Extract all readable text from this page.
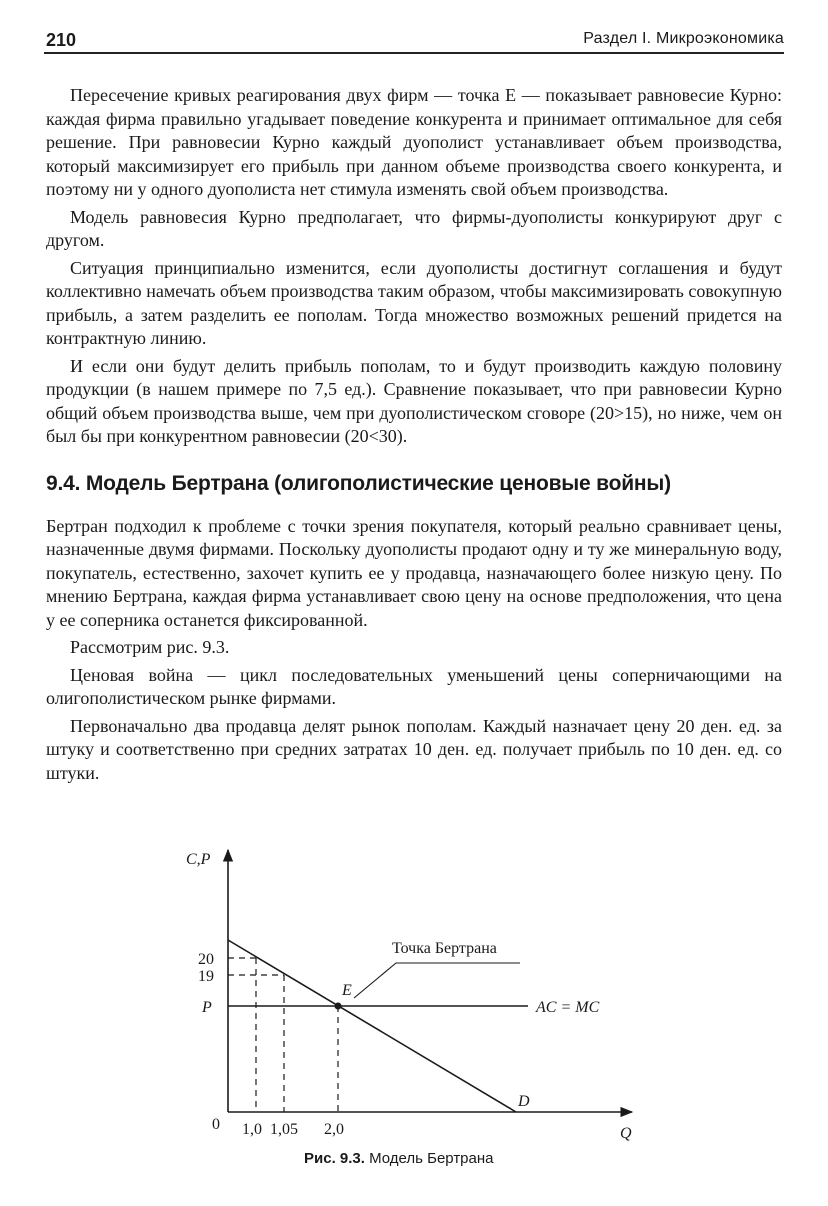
210	Раздел I. Микроэкономика

Пересечение кривых реагирования двух фирм — точка E — показывает равновесие Курно: каждая фирма правильно угадывает поведение конкурента и принимает оптимальное для себя решение. При равновесии Курно каждый дуополист устанавливает объем производства, который максимизирует его прибыль при данном объеме производства своего конкурента, и поэтому ни у одного дуополиста нет стимула изменять свой объем производства.

Модель равновесия Курно предполагает, что фирмы-дуополисты конкурируют друг с другом.

Ситуация принципиально изменится, если дуополисты достигнут соглашения и будут коллективно намечать объем производства таким образом, чтобы максимизировать совокупную прибыль, а затем разделить ее пополам. Тогда множество возможных решений придется на контрактную линию.

И если они будут делить прибыль пополам, то и будут производить каждую половину продукции (в нашем примере по 7,5 ед.). Сравнение показывает, что при равновесии Курно общий объем производства выше, чем при дуополистическом сговоре (20>15), но ниже, чем он был бы при конкурентном равновесии (20<30).

9.4. Модель Бертрана (олигополистические ценовые войны)

Бертран подходил к проблеме с точки зрения покупателя, который реально сравнивает цены, назначенные двумя фирмами. Поскольку дуополисты продают одну и ту же минеральную воду, покупатель, естественно, захочет купить ее у продавца, назначающего более низкую цену. По мнению Бертрана, каждая фирма устанавливает свою цену на основе предположения, что цена у ее соперника останется фиксированной.

Рассмотрим рис. 9.3.

Ценовая война — цикл последовательных уменьшений цены соперничающими на олигополистическом рынке фирмами.

Первоначально два продавца делят рынок пополам. Каждый назначает цену 20 ден. ед. за штуку и соответственно при средних затратах 10 ден. ед. получает прибыль по 10 ден. ед. со штуки.

C,P
Q
0
20
19
P
1,0 1,05 2,0
E
Точка Бертрана
AC = MC
D
Рис. 9.3. Модель Бертрана
